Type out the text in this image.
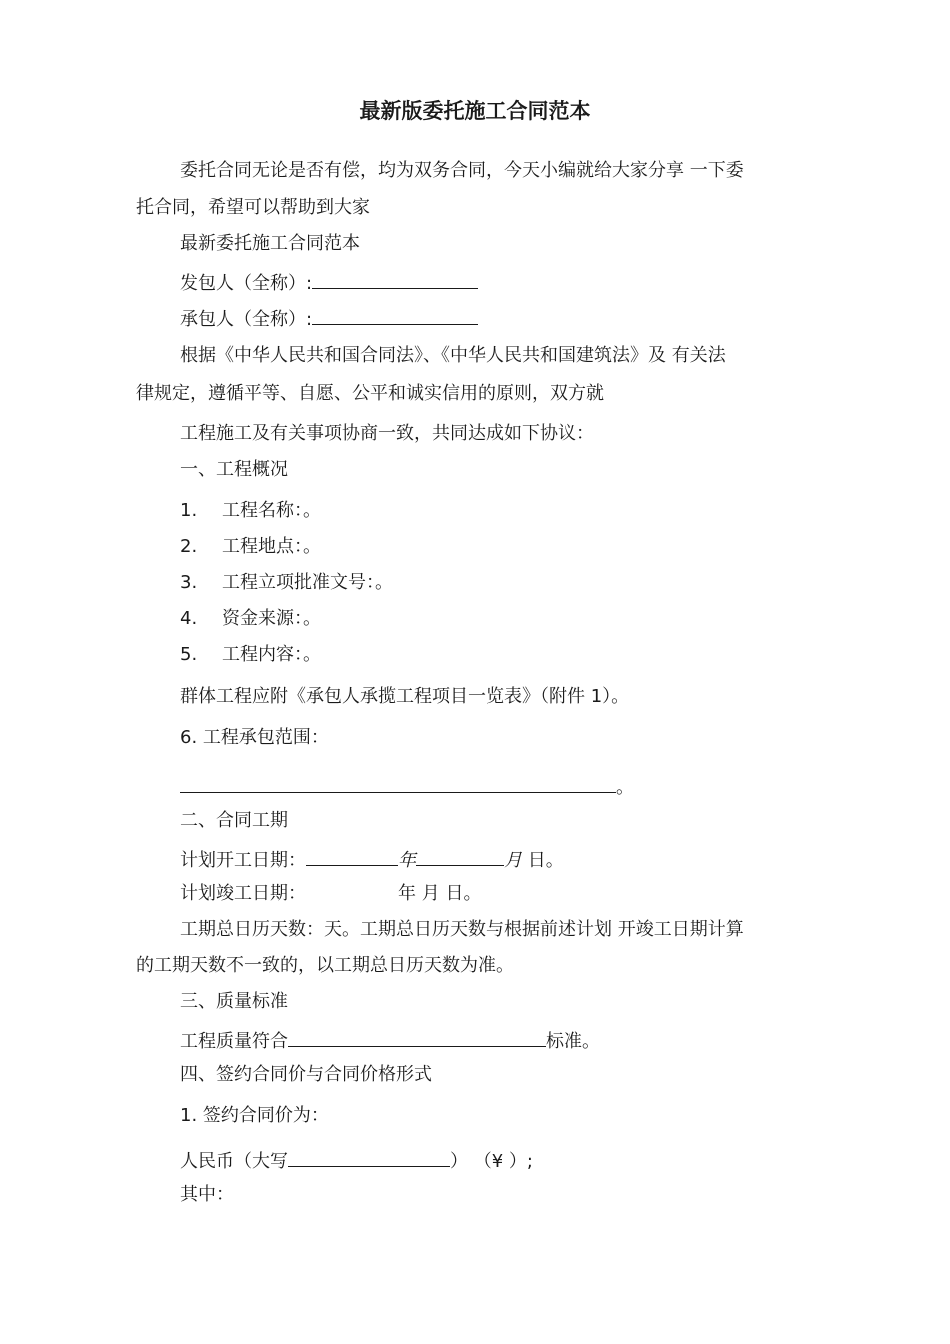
最新版委托施工合同范本
委托合同无论是否有偿，均为双务合同，今天小编就给大家分享 一下委
托合同，希望可以帮助到大家
最新委托施工合同范本
发包人（全称）:
承包人（全称）:
根据《中华人民共和国合同法》、《中华人民共和国建筑法》及 有关法
律规定，遵循平等、自愿、公平和诚实信用的原则，双方就
工程施工及有关事项协商一致，共同达成如下协议：
一、工程概况
1. 工程名称：。
2. 工程地点：。
3. 工程立项批准文号：。
4. 资金来源：。
5. 工程内容：。
群体工程应附《承包人承揽工程项目一览表》（附件 1）。
6. 工程承包范围：
。
二、合同工期
计划开工日期：	年	月 日。
计划竣工日期：	年 月 日。
工期总日历天数：天。工期总日历天数与根据前述计划 开竣工日期计算
的工期天数不一致的，以工期总日历天数为准。
三、质量标准
工程质量符合	标准。
四、签约合同价与合同价格形式
1. 签约合同价为：
人民币（大写	） （¥ ）;
其中：
